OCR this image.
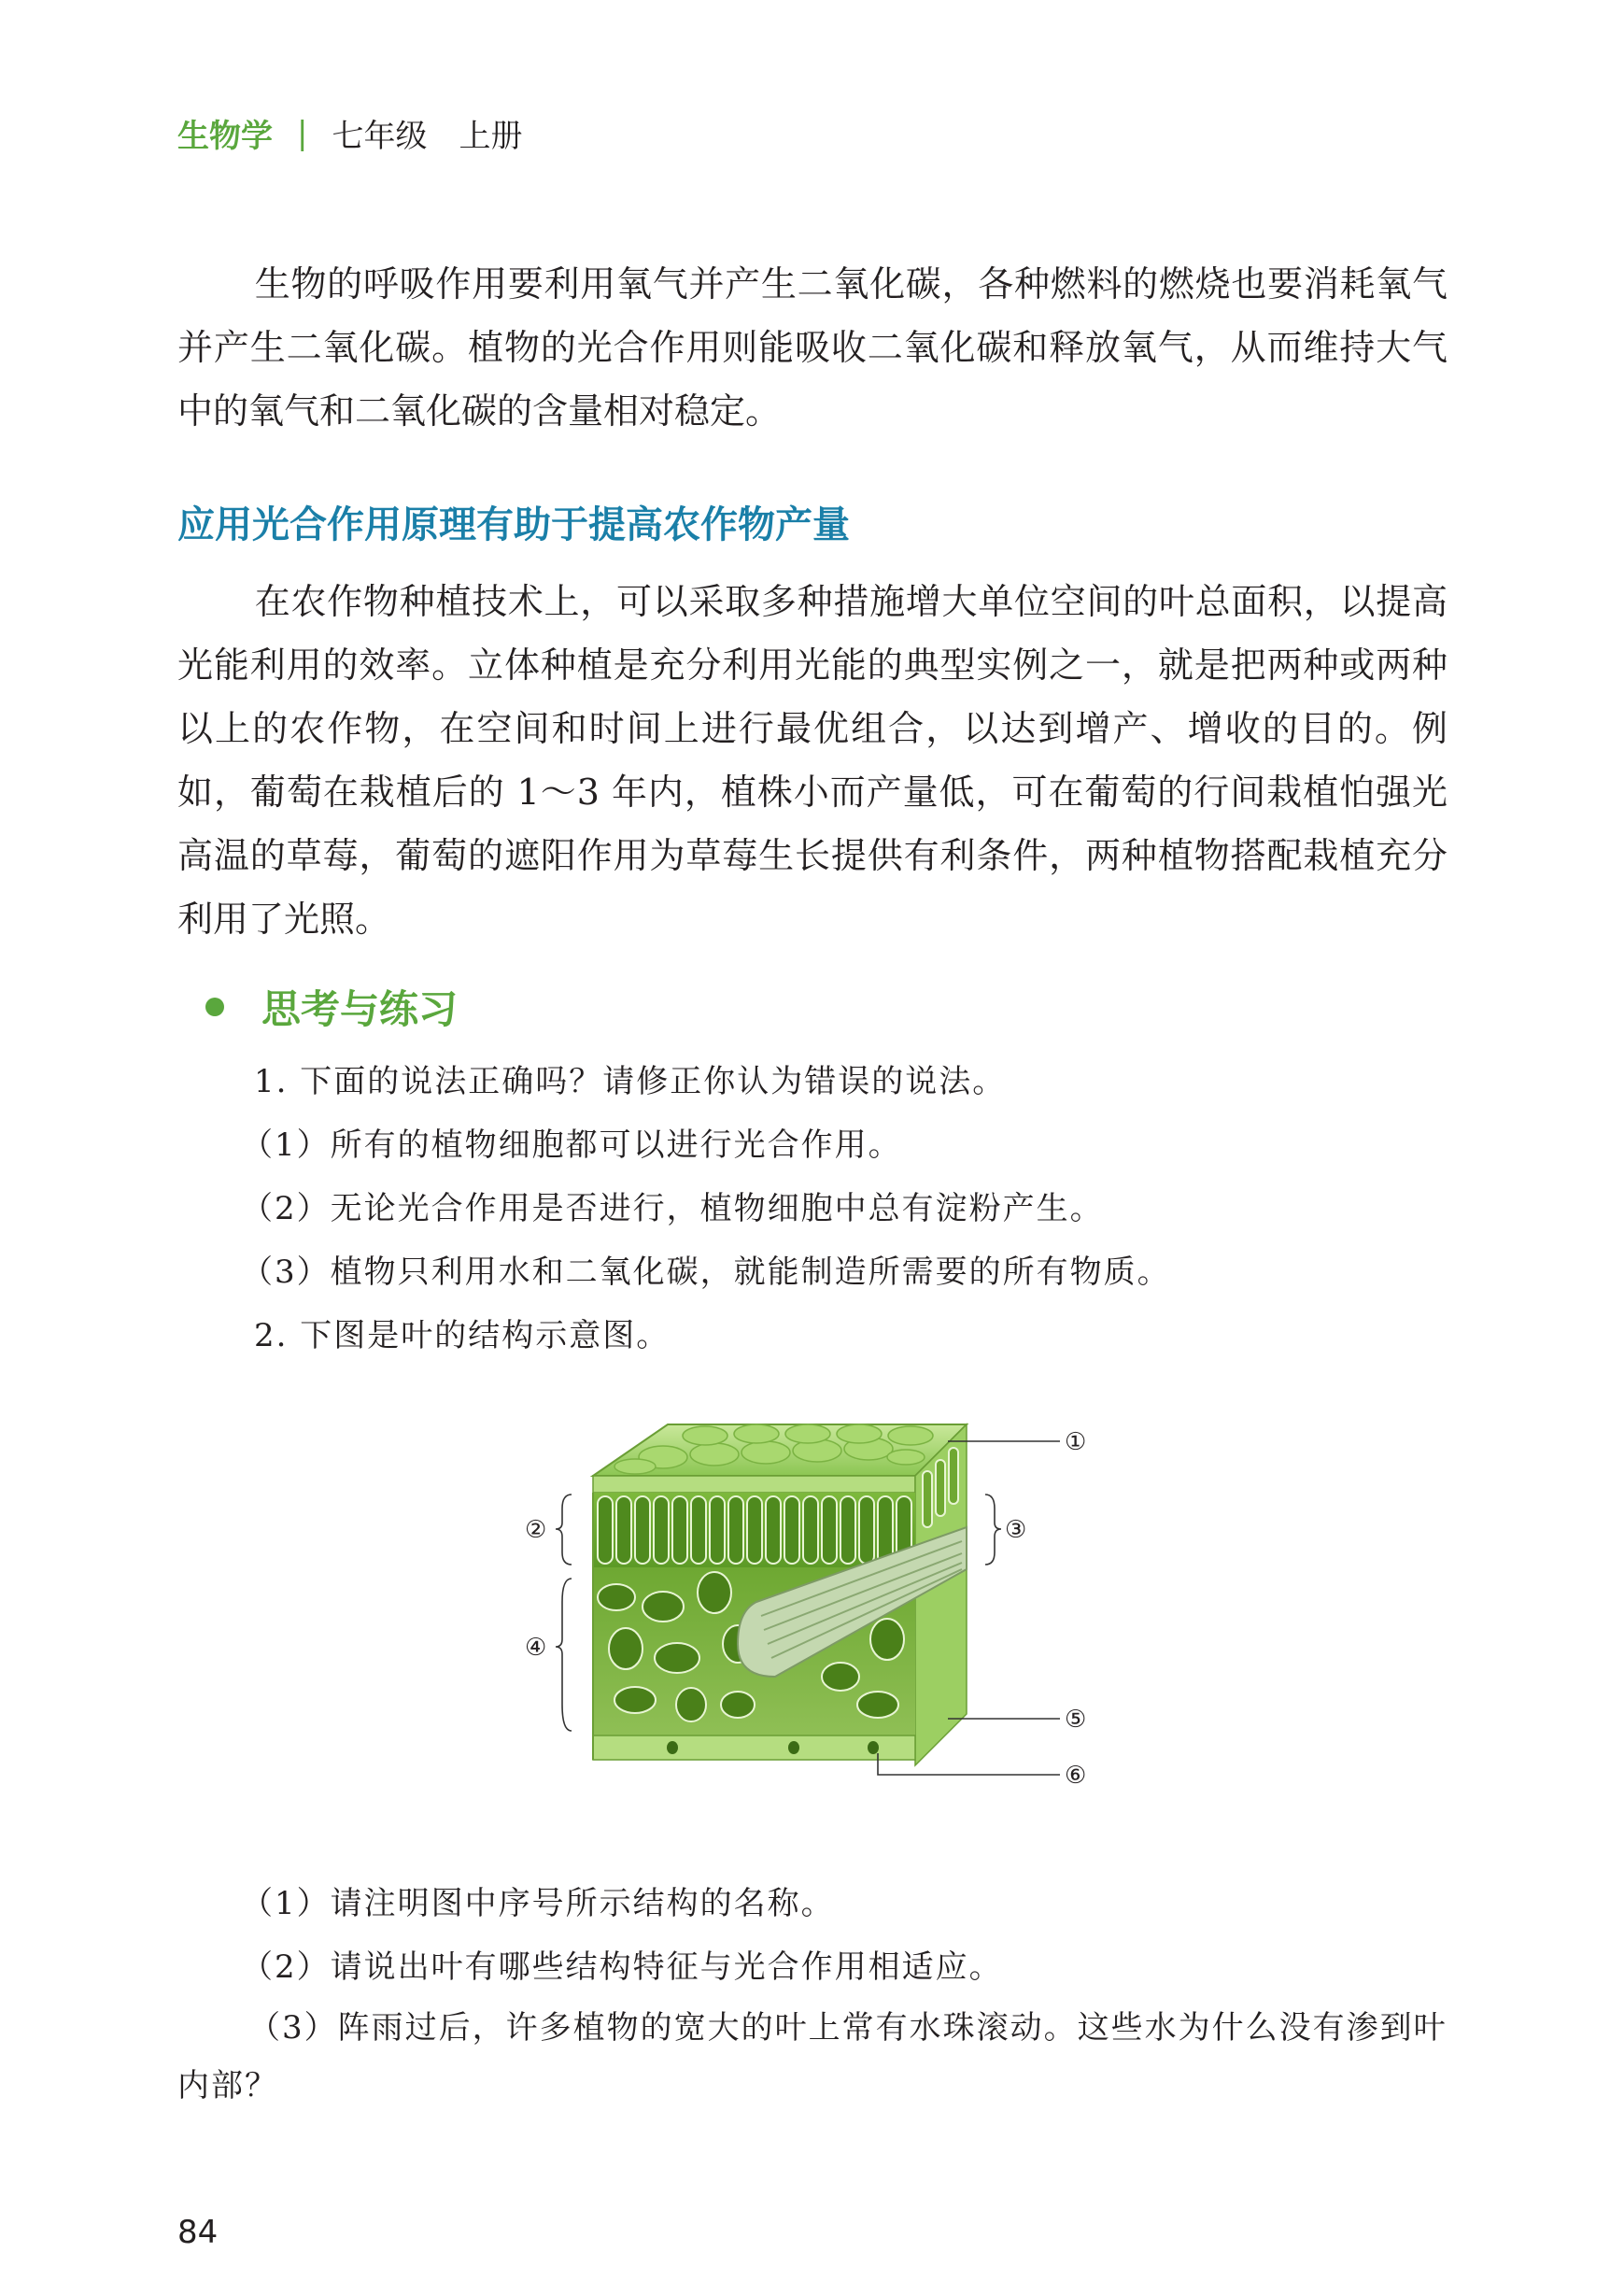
生物学 | 七年级　上册

生物的呼吸作用要利用氧气并产生二氧化碳，各种燃料的燃烧也要消耗氧气并产生二氧化碳。植物的光合作用则能吸收二氧化碳和释放氧气，从而维持大气中的氧气和二氧化碳的含量相对稳定。

应用光合作用原理有助于提高农作物产量

在农作物种植技术上，可以采取多种措施增大单位空间的叶总面积，以提高光能利用的效率。立体种植是充分利用光能的典型实例之一，就是把两种或两种以上的农作物，在空间和时间上进行最优组合，以达到增产、增收的目的。例如，葡萄在栽植后的 1～3 年内，植株小而产量低，可在葡萄的行间栽植怕强光高温的草莓，葡萄的遮阳作用为草莓生长提供有利条件，两种植物搭配栽植充分利用了光照。

思考与练习

1. 下面的说法正确吗？请修正你认为错误的说法。

（1）所有的植物细胞都可以进行光合作用。

（2）无论光合作用是否进行，植物细胞中总有淀粉产生。

（3）植物只利用水和二氧化碳，就能制造所需要的所有物质。

2. 下图是叶的结构示意图。

①
②	③
④
⑤
⑥

（1）请注明图中序号所示结构的名称。

（2）请说出叶有哪些结构特征与光合作用相适应。

（3）阵雨过后，许多植物的宽大的叶上常有水珠滚动。这些水为什么没有渗到叶内部？

84
